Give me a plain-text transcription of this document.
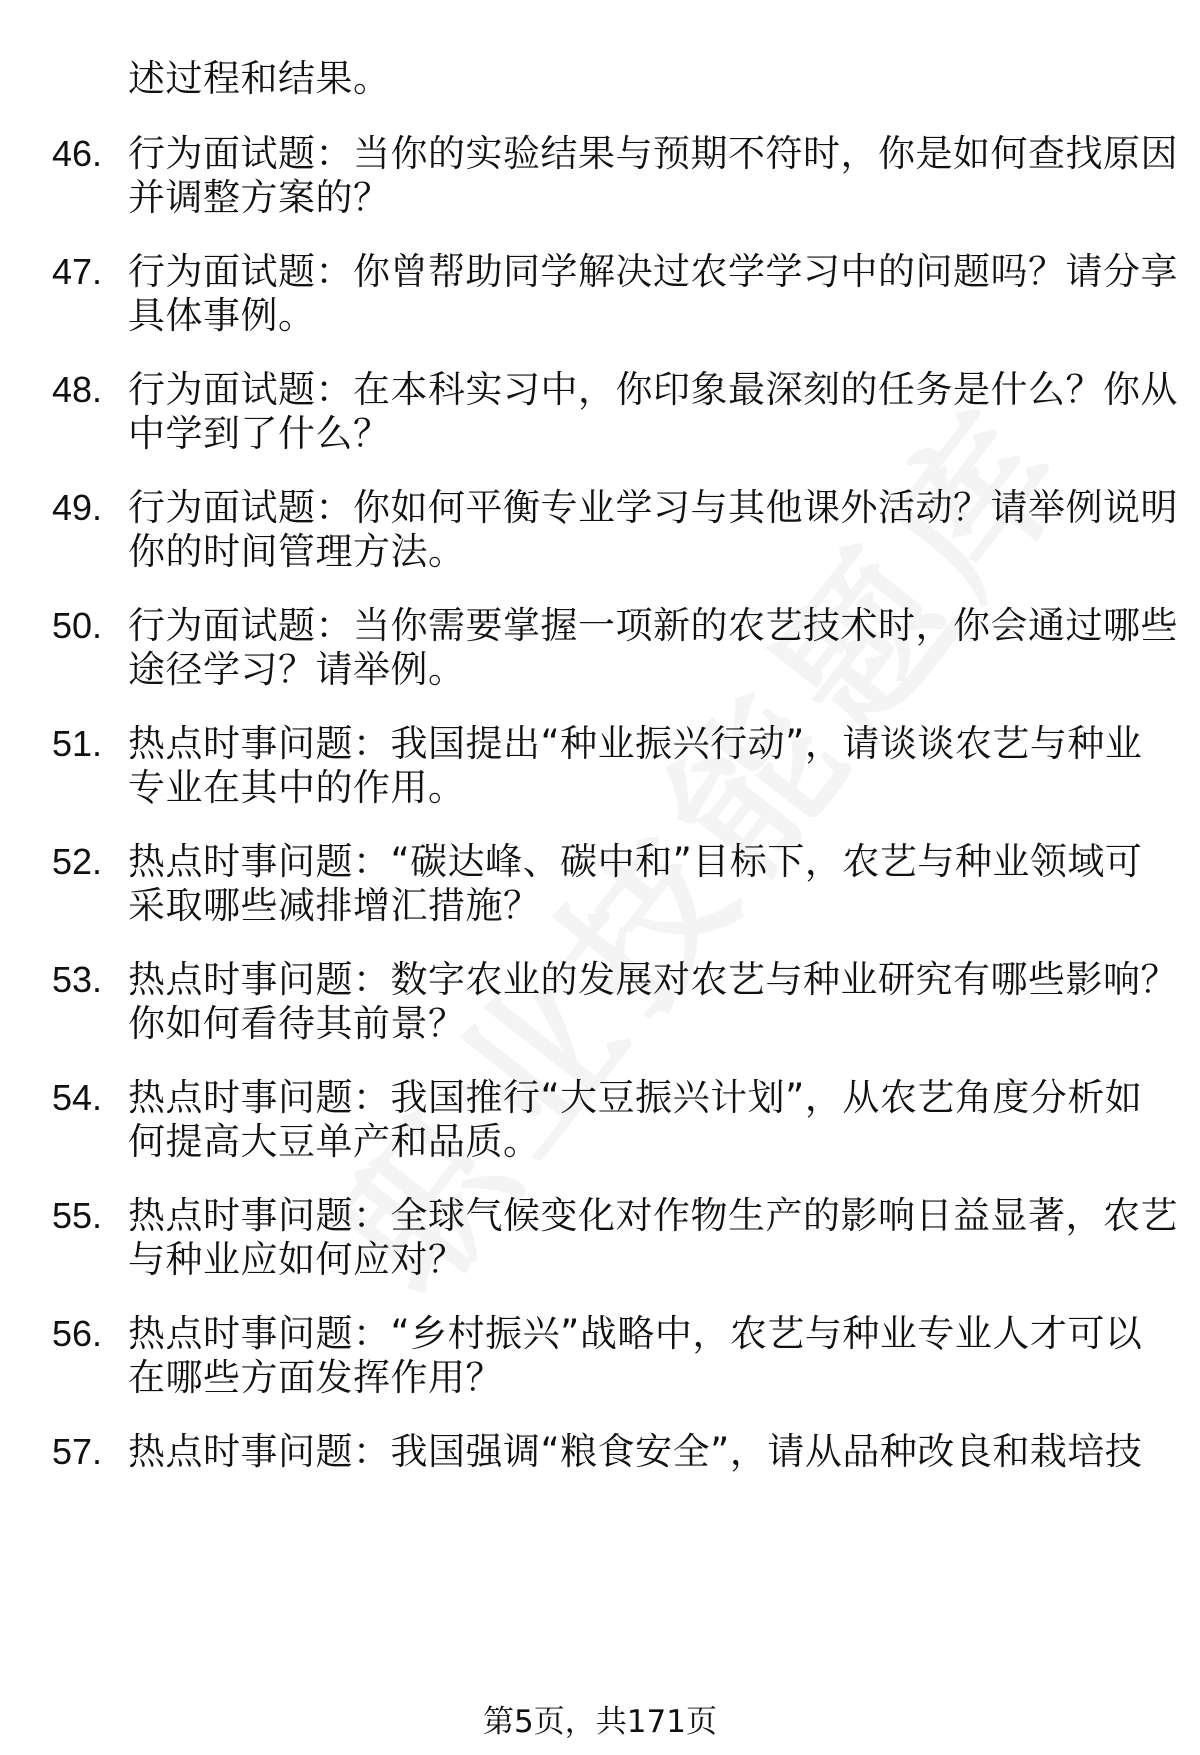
述过程和结果。
46. 行为面试题：当你的实验结果与预期不符时，你是如何查找原因
并调整方案的？
47. 行为面试题：你曾帮助同学解决过农学学习中的问题吗？请分享
具体事例。
48. 行为面试题：在本科实习中，你印象最深刻的任务是什么？你从
中学到了什么？
49. 行为面试题：你如何平衡专业学习与其他课外活动？请举例说明
你的时间管理方法。
50. 行为面试题：当你需要掌握一项新的农艺技术时，你会通过哪些
途径学习？请举例。
51. 热点时事问题：我国提出“种业振兴行动”，请谈谈农艺与种业
专业在其中的作用。
52. 热点时事问题：“碳达峰、碳中和”目标下，农艺与种业领域可
采取哪些减排增汇措施？
53. 热点时事问题：数字农业的发展对农艺与种业研究有哪些影响？
你如何看待其前景？
54. 热点时事问题：我国推行“大豆振兴计划”，从农艺角度分析如
何提高大豆单产和品质。
55. 热点时事问题：全球气候变化对作物生产的影响日益显著，农艺
与种业应如何应对？
56. 热点时事问题：“乡村振兴”战略中，农艺与种业专业人才可以
在哪些方面发挥作用？
57. 热点时事问题：我国强调“粮食安全”，请从品种改良和栽培技
第5页，共171页
